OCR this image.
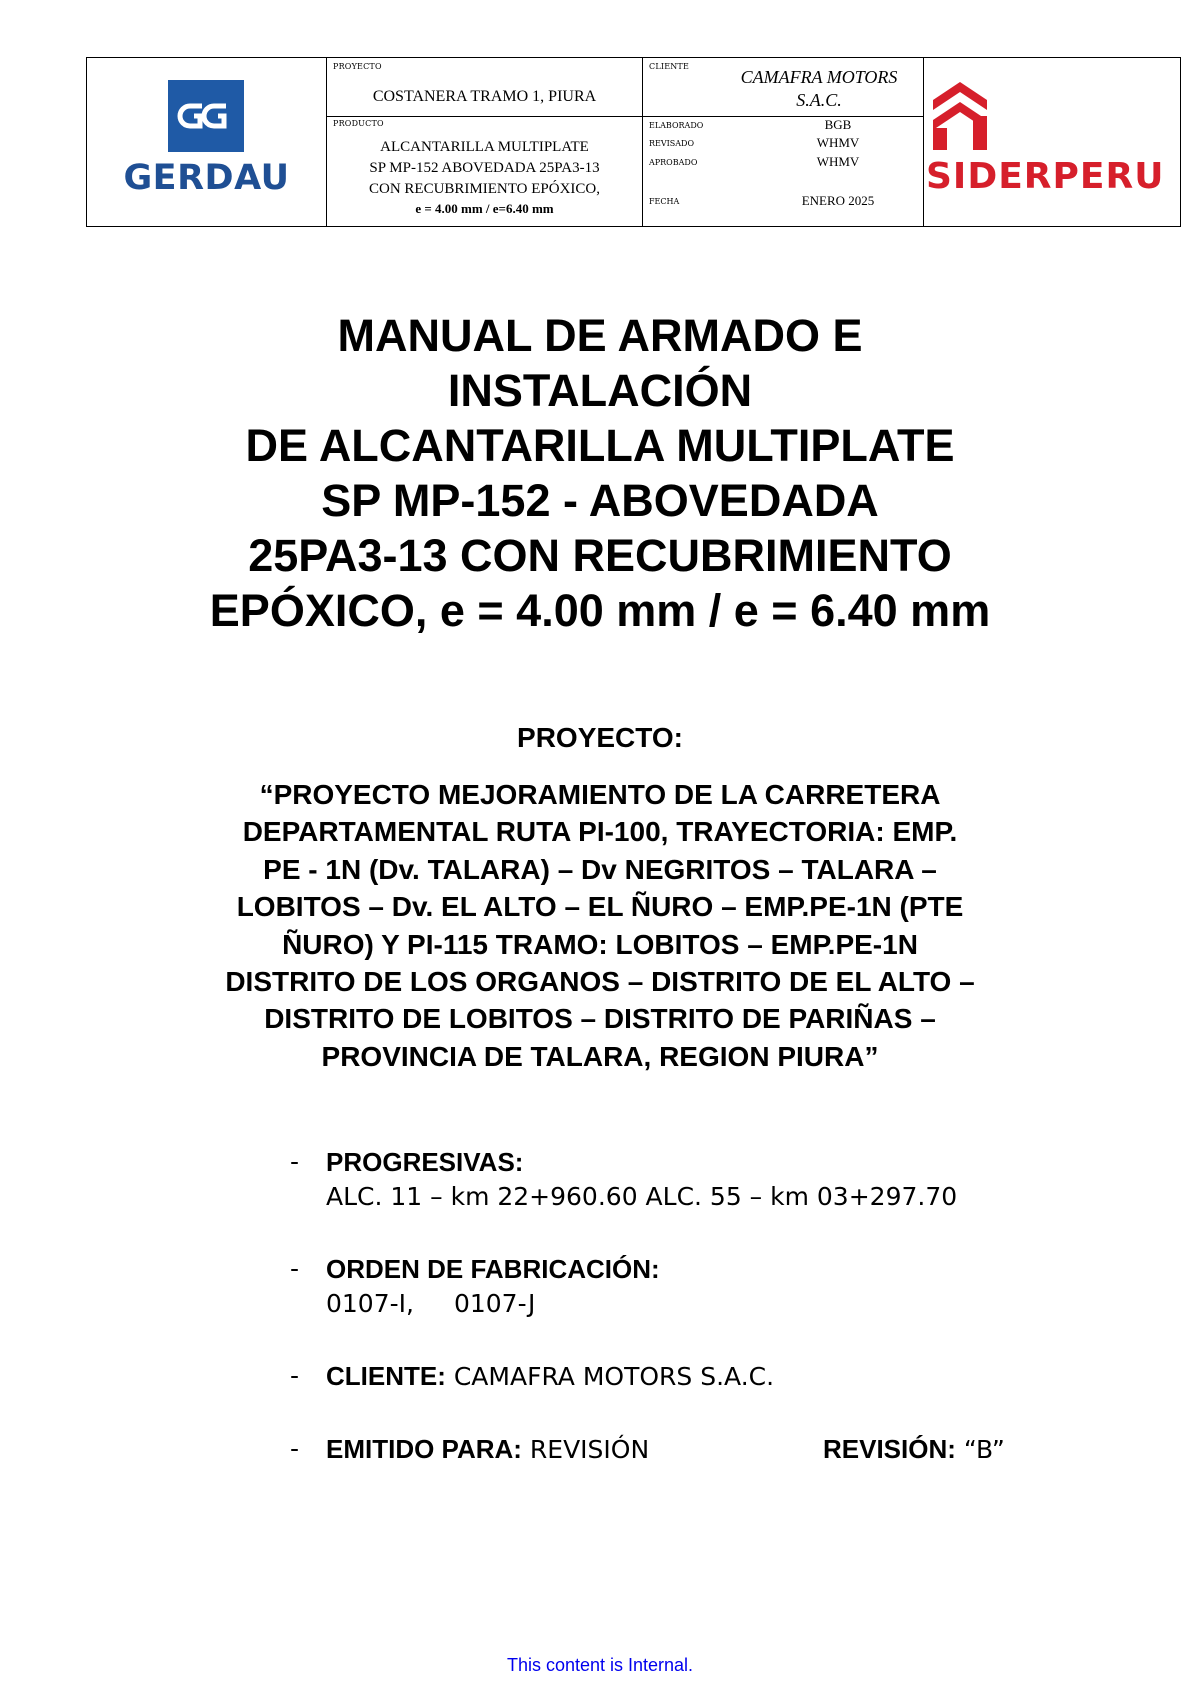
GERDAU
PROYECTO
COSTANERA TRAMO 1, PIURA
PRODUCTO
ALCANTARILLA MULTIPLATE
SP MP-152 ABOVEDADA 25PA3-13
CON RECUBRIMIENTO EPÓXICO,
e = 4.00 mm / e=6.40 mm
CLIENTE
CAMAFRA MOTORS
S.A.C.
ELABORADO	BGB
REVISADO	WHMV
APROBADO	WHMV
FECHA	ENERO 2025
SIDERPERU
MANUAL DE ARMADO E
INSTALACIÓN
DE ALCANTARILLA MULTIPLATE
SP MP-152 - ABOVEDADA
25PA3-13 CON RECUBRIMIENTO
EPÓXICO, e = 4.00 mm / e = 6.40 mm
PROYECTO:
“PROYECTO MEJORAMIENTO DE LA CARRETERA
DEPARTAMENTAL RUTA PI-100, TRAYECTORIA: EMP.
PE - 1N (Dv. TALARA) – Dv NEGRITOS – TALARA –
LOBITOS – Dv. EL ALTO – EL ÑURO – EMP.PE-1N (PTE
ÑURO) Y PI-115 TRAMO: LOBITOS – EMP.PE-1N
DISTRITO DE LOS ORGANOS – DISTRITO DE EL ALTO –
DISTRITO DE LOBITOS – DISTRITO DE PARIÑAS –
PROVINCIA DE TALARA, REGION PIURA”
- PROGRESIVAS:
ALC. 11 – km 22+960.60 ALC. 55 – km 03+297.70
- ORDEN DE FABRICACIÓN:
0107-I, 0107-J
- CLIENTE: CAMAFRA MOTORS S.A.C.
- EMITIDO PARA: REVISIÓN	REVISIÓN: “B”
This content is Internal.
